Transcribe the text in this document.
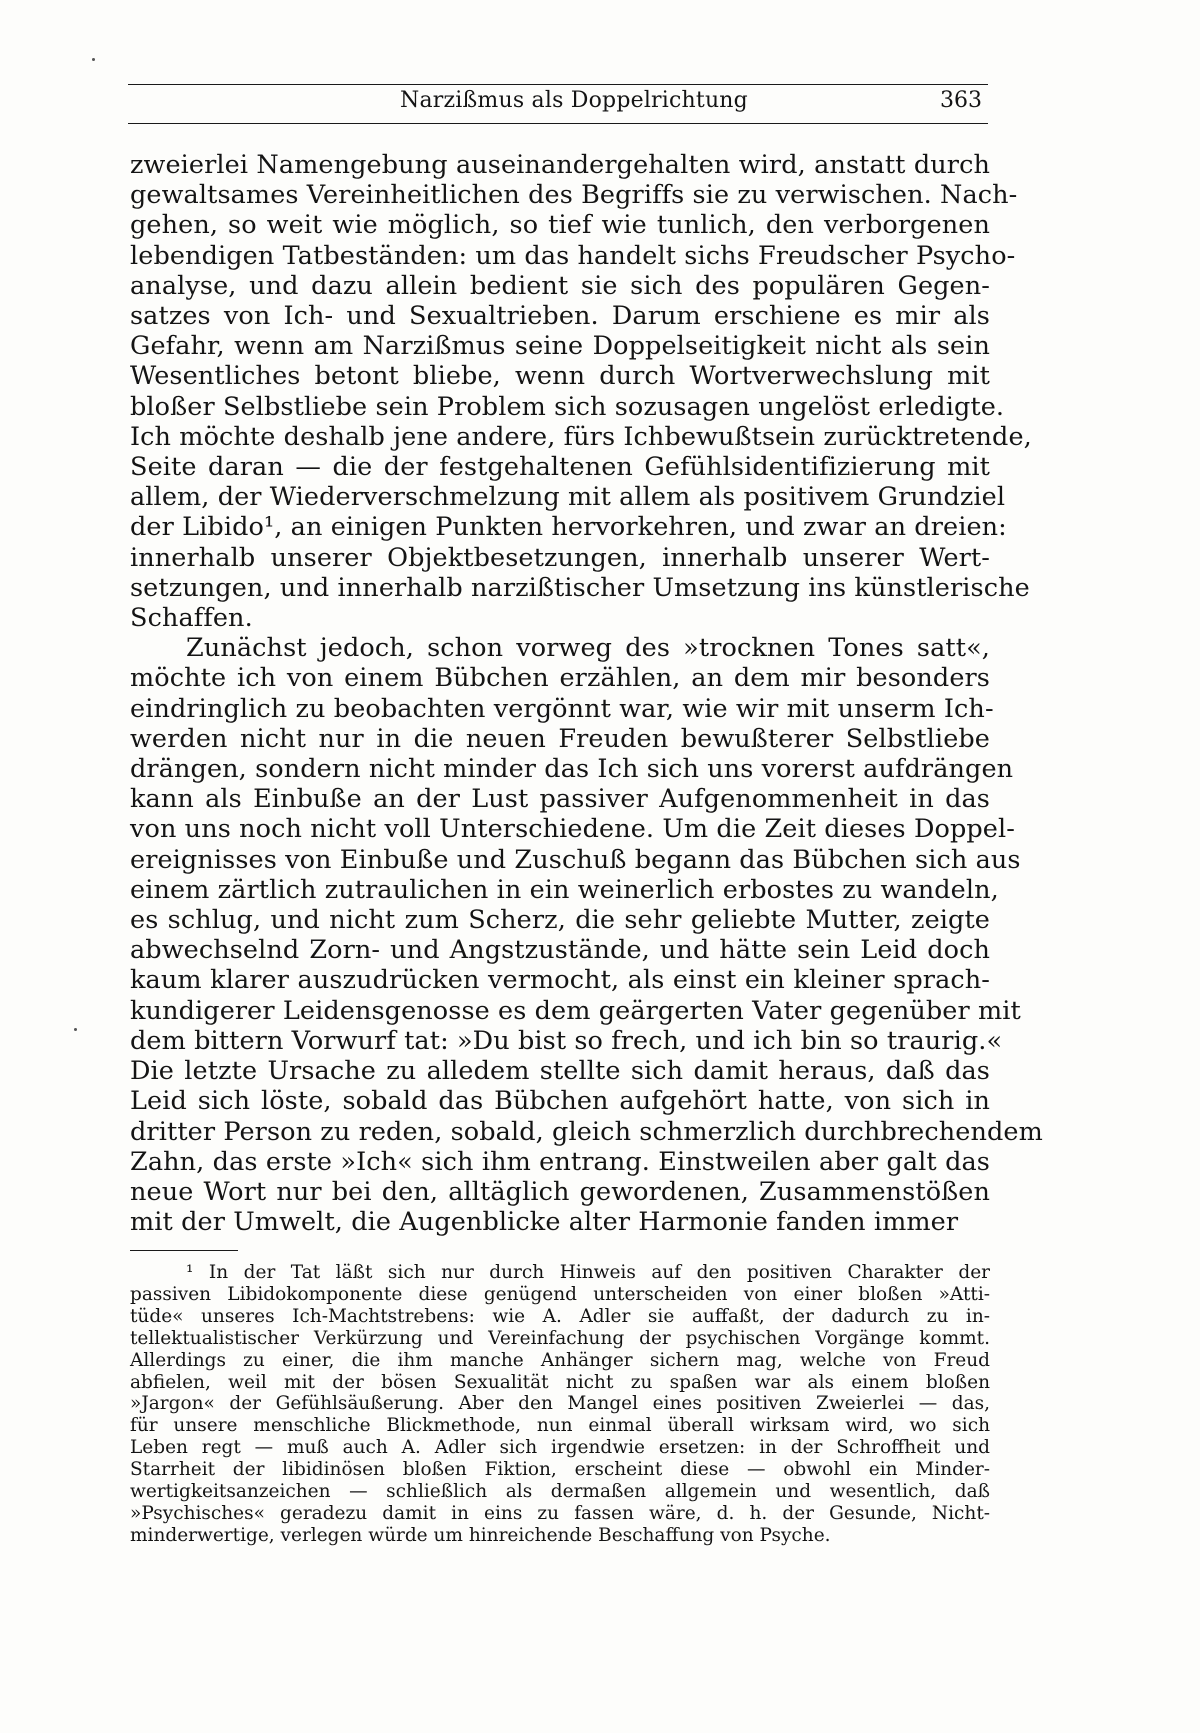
Narzißmus als Doppelrichtung	363
zweierlei Namengebung auseinandergehalten wird, anstatt durch
gewaltsames Vereinheitlichen des Begriffs sie zu verwischen. Nach-
gehen, so weit wie möglich, so tief wie tunlich, den verborgenen
lebendigen Tatbeständen: um das handelt sichs Freudscher Psycho-
analyse, und dazu allein bedient sie sich des populären Gegen-
satzes von Ich- und Sexualtrieben. Darum erschiene es mir als
Gefahr, wenn am Narzißmus seine Doppelseitigkeit nicht als sein
Wesentliches betont bliebe, wenn durch Wortverwechslung mit
bloßer Selbstliebe sein Problem sich sozusagen ungelöst erledigte.
Ich möchte deshalb jene andere, fürs Ichbewußtsein zurücktretende,
Seite daran — die der festgehaltenen Gefühlsidentifizierung mit
allem, der Wiederverschmelzung mit allem als positivem Grundziel
der Libido¹, an einigen Punkten hervorkehren, und zwar an dreien:
innerhalb unserer Objektbesetzungen, innerhalb unserer Wert-
setzungen, und innerhalb narzißtischer Umsetzung ins künstlerische
Schaffen.
Zunächst jedoch, schon vorweg des »trocknen Tones satt«,
möchte ich von einem Bübchen erzählen, an dem mir besonders
eindringlich zu beobachten vergönnt war, wie wir mit unserm Ich-
werden nicht nur in die neuen Freuden bewußterer Selbstliebe
drängen, sondern nicht minder das Ich sich uns vorerst aufdrängen
kann als Einbuße an der Lust passiver Aufgenommenheit in das
von uns noch nicht voll Unterschiedene. Um die Zeit dieses Doppel-
ereignisses von Einbuße und Zuschuß begann das Bübchen sich aus
einem zärtlich zutraulichen in ein weinerlich erbostes zu wandeln,
es schlug, und nicht zum Scherz, die sehr geliebte Mutter, zeigte
abwechselnd Zorn- und Angstzustände, und hätte sein Leid doch
kaum klarer auszudrücken vermocht, als einst ein kleiner sprach-
kundigerer Leidensgenosse es dem geärgerten Vater gegenüber mit
dem bittern Vorwurf tat: »Du bist so frech, und ich bin so traurig.«
Die letzte Ursache zu alledem stellte sich damit heraus, daß das
Leid sich löste, sobald das Bübchen aufgehört hatte, von sich in
dritter Person zu reden, sobald, gleich schmerzlich durchbrechendem
Zahn, das erste »Ich« sich ihm entrang. Einstweilen aber galt das
neue Wort nur bei den, alltäglich gewordenen, Zusammenstößen
mit der Umwelt, die Augenblicke alter Harmonie fanden immer
¹ In der Tat läßt sich nur durch Hinweis auf den positiven Charakter der
passiven Libidokomponente diese genügend unterscheiden von einer bloßen »Atti-
tüde« unseres Ich-Machtstrebens: wie A. Adler sie auffaßt, der dadurch zu in-
tellektualistischer Verkürzung und Vereinfachung der psychischen Vorgänge kommt.
Allerdings zu einer, die ihm manche Anhänger sichern mag, welche von Freud
abfielen, weil mit der bösen Sexualität nicht zu spaßen war als einem bloßen
»Jargon« der Gefühlsäußerung. Aber den Mangel eines positiven Zweierlei — das,
für unsere menschliche Blickmethode, nun einmal überall wirksam wird, wo sich
Leben regt — muß auch A. Adler sich irgendwie ersetzen: in der Schroffheit und
Starrheit der libidinösen bloßen Fiktion, erscheint diese — obwohl ein Minder-
wertigkeitsanzeichen — schließlich als dermaßen allgemein und wesentlich, daß
»Psychisches« geradezu damit in eins zu fassen wäre, d. h. der Gesunde, Nicht-
minderwertige, verlegen würde um hinreichende Beschaffung von Psyche.
